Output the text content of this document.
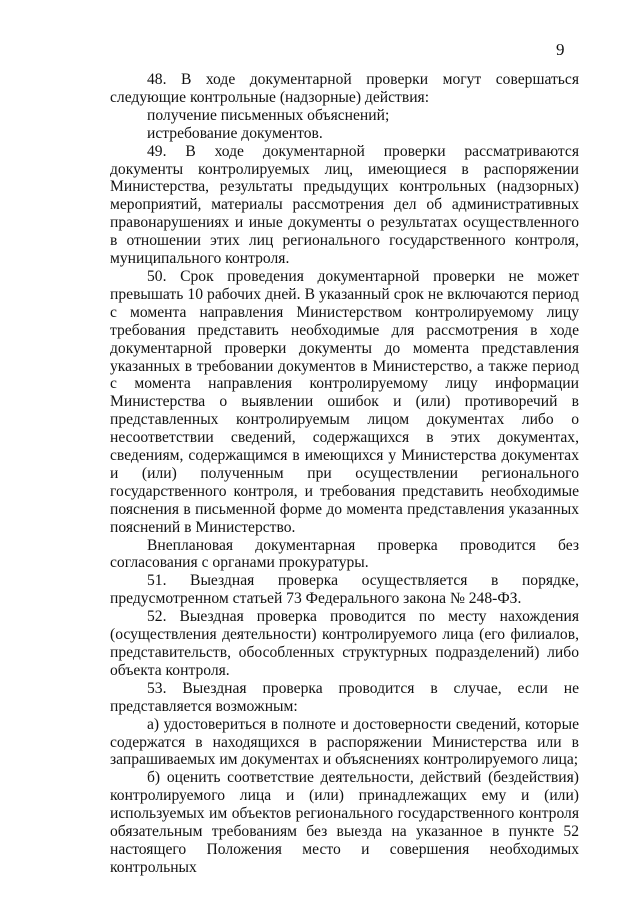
9

48. В ходе документарной проверки могут совершаться следующие контрольные (надзорные) действия:

получение письменных объяснений;

истребование документов.

49. В ходе документарной проверки рассматриваются документы контролируемых лиц, имеющиеся в распоряжении Министерства, результаты предыдущих контрольных (надзорных) мероприятий, материалы рассмотрения дел об административных правонарушениях и иные документы о результатах осуществленного в отношении этих лиц регионального государственного контроля, муниципального контроля.

50. Срок проведения документарной проверки не может превышать 10 рабочих дней. В указанный срок не включаются период с момента направления Министерством контролируемому лицу требования представить необходимые для рассмотрения в ходе документарной проверки документы до момента представления указанных в требовании документов в Министерство, а также период с момента направления контролируемому лицу информации Министерства о выявлении ошибок и (или) противоречий в представленных контролируемым лицом документах либо о несоответствии сведений, содержащихся в этих документах, сведениям, содержащимся в имеющихся у Министерства документах и (или) полученным при осуществлении регионального государственного контроля, и требования представить необходимые пояснения в письменной форме до момента представления указанных пояснений в Министерство.

Внеплановая документарная проверка проводится без согласования с органами прокуратуры.

51. Выездная проверка осуществляется в порядке, предусмотренном статьей 73 Федерального закона № 248-ФЗ.

52. Выездная проверка проводится по месту нахождения (осуществления деятельности) контролируемого лица (его филиалов, представительств, обособленных структурных подразделений) либо объекта контроля.

53. Выездная проверка проводится в случае, если не представляется возможным:

а) удостовериться в полноте и достоверности сведений, которые содержатся в находящихся в распоряжении Министерства или в запрашиваемых им документах и объяснениях контролируемого лица;

б) оценить соответствие деятельности, действий (бездействия) контролируемого лица и (или) принадлежащих ему и (или) используемых им объектов регионального государственного контроля обязательным требованиям без выезда на указанное в пункте 52 настоящего Положения место и совершения необходимых контрольных
